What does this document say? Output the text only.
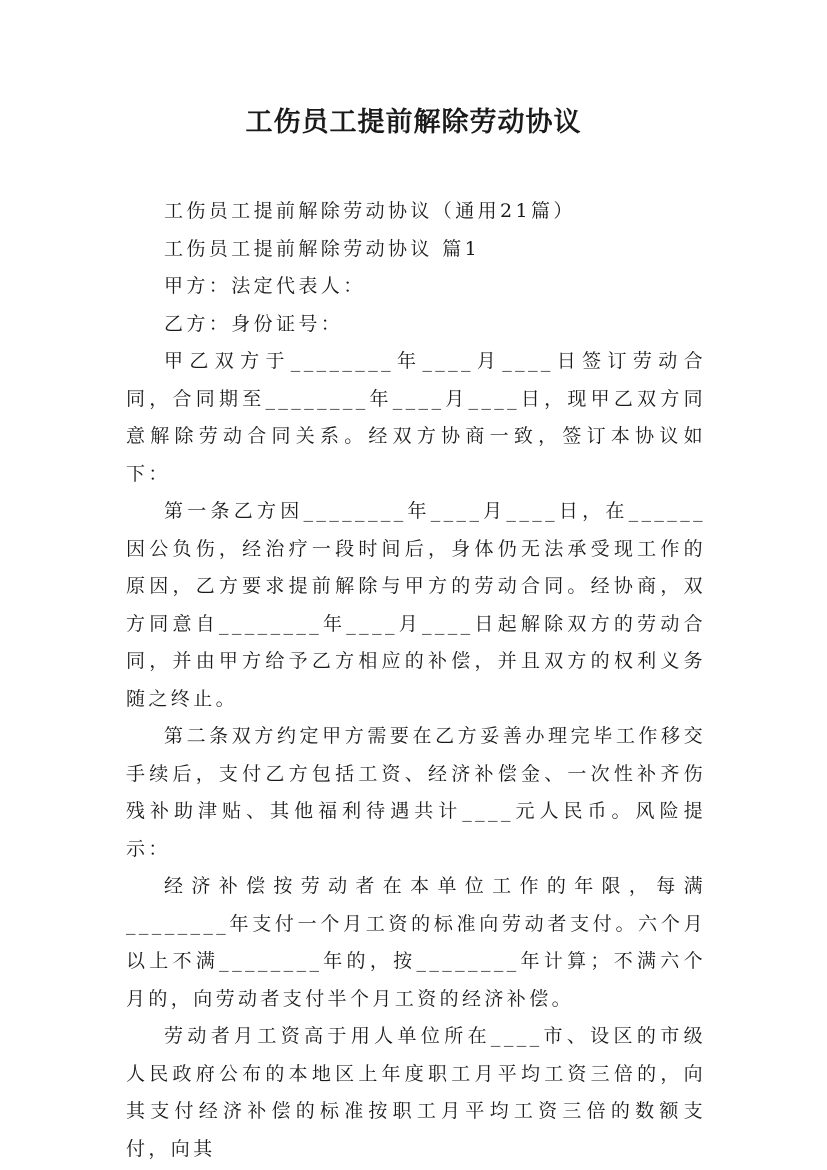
工伤员工提前解除劳动协议

工伤员工提前解除劳动协议（通用21篇）

工伤员工提前解除劳动协议 篇1

甲方：法定代表人：

乙方：身份证号：

甲乙双方于________年____月____日签订劳动合同，合同期至________年____月____日，现甲乙双方同意解除劳动合同关系。经双方协商一致，签订本协议如下：

第一条乙方因________年____月____日，在______因公负伤，经治疗一段时间后，身体仍无法承受现工作的原因，乙方要求提前解除与甲方的劳动合同。经协商，双方同意自________年____月____日起解除双方的劳动合同，并由甲方给予乙方相应的补偿，并且双方的权利义务随之终止。

第二条双方约定甲方需要在乙方妥善办理完毕工作移交手续后，支付乙方包括工资、经济补偿金、一次性补齐伤残补助津贴、其他福利待遇共计____元人民币。风险提示：

经济补偿按劳动者在本单位工作的年限，每满________年支付一个月工资的标准向劳动者支付。六个月以上不满________年的，按________年计算；不满六个月的，向劳动者支付半个月工资的经济补偿。

劳动者月工资高于用人单位所在____市、设区的市级人民政府公布的本地区上年度职工月平均工资三倍的，向其支付经济补偿的标准按职工月平均工资三倍的数额支付，向其
